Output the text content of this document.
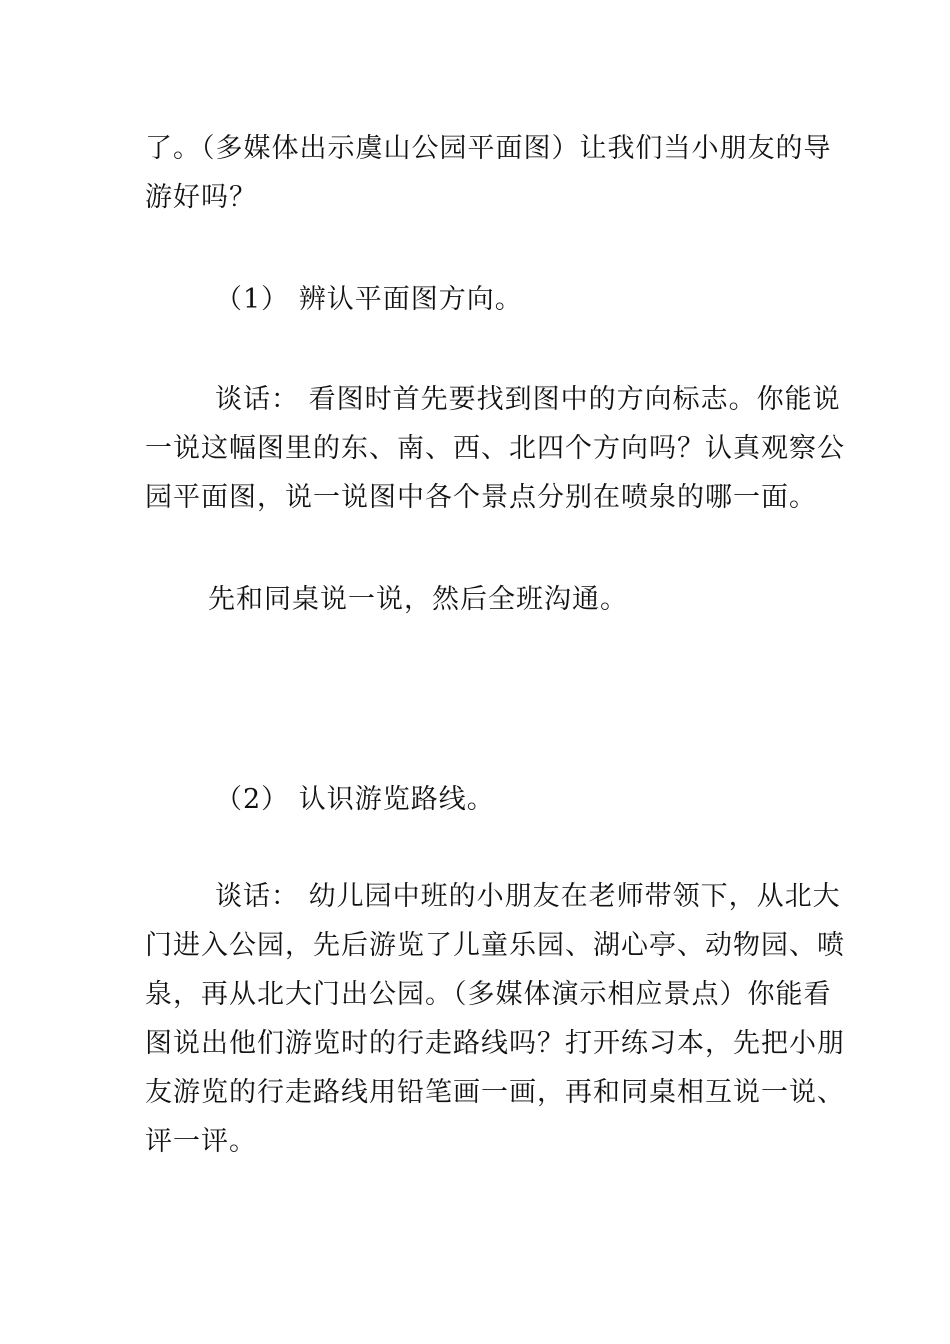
了。（多媒体出示虞山公园平面图）让我们当小朋友的导
游好吗？
（1） 辨认平面图方向。
谈话： 看图时首先要找到图中的方向标志。你能说
一说这幅图里的东、南、西、北四个方向吗？认真观察公
园平面图，说一说图中各个景点分别在喷泉的哪一面。
先和同桌说一说，然后全班沟通。
（2） 认识游览路线。
谈话： 幼儿园中班的小朋友在老师带领下，从北大
门进入公园，先后游览了儿童乐园、湖心亭、动物园、喷
泉，再从北大门出公园。（多媒体演示相应景点）你能看
图说出他们游览时的行走路线吗？打开练习本，先把小朋
友游览的行走路线用铅笔画一画，再和同桌相互说一说、
评一评。
